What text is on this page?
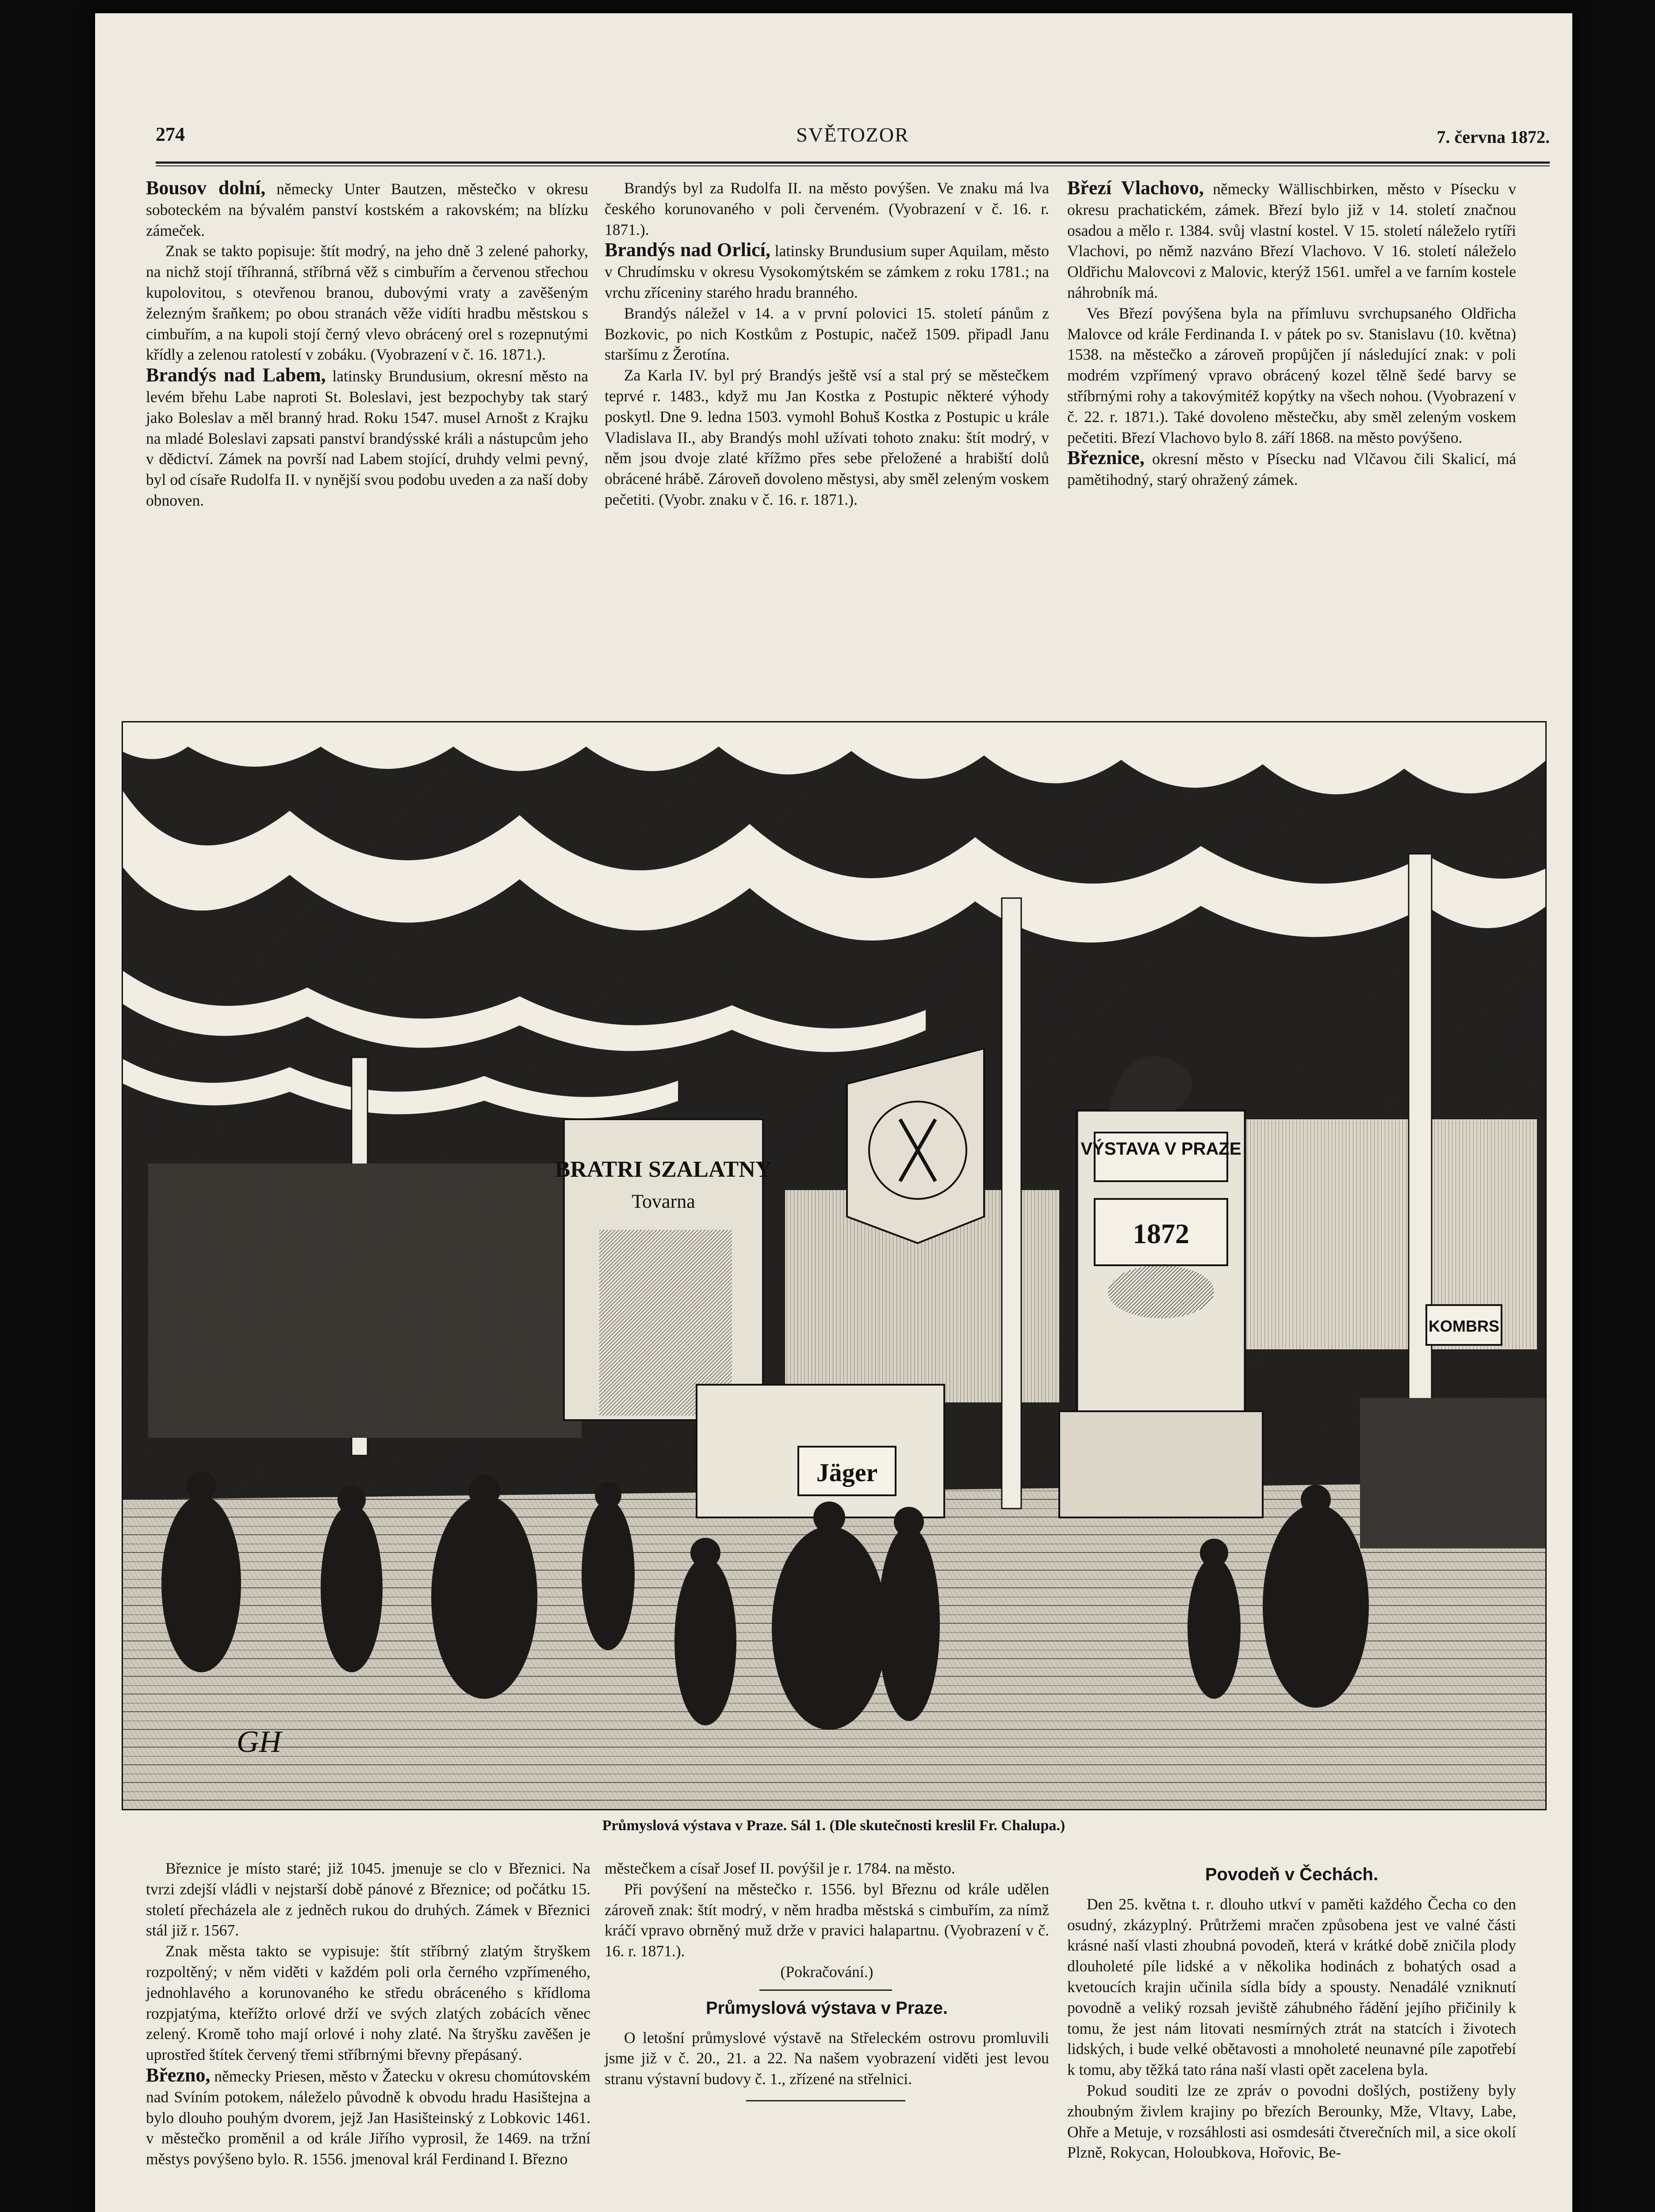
274	SVĚTOZOR	7. června 1872.

Bousov dolní, německy Unter Bautzen, městečko v okresu soboteckém na bývalém panství kostském a rakovském; na blízku zámeček.

Znak se takto popisuje: štít modrý, na jeho dně 3 zelené pahorky, na nichž stojí tříhranná, stříbrná věž s cimbuřím a červenou střechou kupolovitou, s otevřenou branou, dubovými vraty a zavěšeným železným šraňkem; po obou stranách věže vidíti hradbu městskou s cimbuřím, a na kupoli stojí černý vlevo obrácený orel s rozepnutými křídly a zelenou ratolestí v zobáku. (Vyobrazení v č. 16. 1871.).

Brandýs nad Labem, latinsky Brundusium, okresní město na levém břehu Labe naproti St. Boleslavi, jest bezpochyby tak starý jako Boleslav a měl branný hrad. Roku 1547. musel Arnošt z Krajku na mladé Boleslavi zapsati panství brandýsské králi a nástupcům jeho v dědictví. Zámek na površí nad Labem stojící, druhdy velmi pevný, byl od císaře Rudolfa II. v nynější svou podobu uveden a za naší doby obnoven.

Brandýs byl za Rudolfa II. na město povýšen. Ve znaku má lva českého korunovaného v poli červeném. (Vyobrazení v č. 16. r. 1871.).

Brandýs nad Orlicí, latinsky Brundusium super Aquilam, město v Chrudímsku v okresu Vysokomýtském se zámkem z roku 1781.; na vrchu zříceniny starého hradu branného.

Brandýs náležel v 14. a v první polovici 15. století pánům z Bozkovic, po nich Kostkům z Postupic, načež 1509. připadl Janu staršímu z Žerotína.

Za Karla IV. byl prý Brandýs ještě vsí a stal prý se městečkem teprvé r. 1483., když mu Jan Kostka z Postupic některé výhody poskytl. Dne 9. ledna 1503. vymohl Bohuš Kostka z Postupic u krále Vladislava II., aby Brandýs mohl užívati tohoto znaku: štít modrý, v něm jsou dvoje zlaté křížmo přes sebe přeložené a hrabiští dolů obrácené hrábě. Zároveň dovoleno městysi, aby směl zeleným voskem pečetiti. (Vyobr. znaku v č. 16. r. 1871.).

Březí Vlachovo, německy Wällischbirken, město v Písecku v okresu prachatickém, zámek. Březí bylo již v 14. století značnou osadou a mělo r. 1384. svůj vlastní kostel. V 15. století náleželo rytíři Vlachovi, po němž nazváno Březí Vlachovo. V 16. století náleželo Oldřichu Malovcovi z Malovic, kterýž 1561. umřel a ve farním kostele náhrobník má.

Ves Březí povýšena byla na přímluvu svrchupsaného Oldřicha Malovce od krále Ferdinanda I. v pátek po sv. Stanislavu (10. května) 1538. na městečko a zároveň propůjčen jí následující znak: v poli modrém vzpřímený vpravo obrácený kozel tělně šedé barvy se stříbrnými rohy a takovýmitéž kopýtky na všech nohou. (Vyobrazení v č. 22. r. 1871.). Také dovoleno městečku, aby směl zeleným voskem pečetiti. Březí Vlachovo bylo 8. září 1868. na město povýšeno.

Březnice, okresní město v Písecku nad Vlčavou čili Skalicí, má pamětihodný, starý ohražený zámek.

BRATRI SZALATNY
Tovarna
VÝSTAVA V PRAZE
1872
Jäger
KOMBRS
GH
Průmyslová výstava v Praze. Sál 1. (Dle skutečnosti kreslil Fr. Chalupa.)

Březnice je místo staré; již 1045. jmenuje se clo v Březnici. Na tvrzi zdejší vládli v nejstarší době pánové z Březnice; od počátku 15. století přecházela ale z jedněch rukou do druhých. Zámek v Březnici stál již r. 1567.

Znak města takto se vypisuje: štít stříbrný zlatým štryškem rozpoltěný; v něm viděti v každém poli orla černého vzpřímeného, jednohlavého a korunovaného ke středu obráceného s křídloma rozpjatýma, kteřížto orlové drží ve svých zlatých zobácích věnec zelený. Kromě toho mají orlové i nohy zlaté. Na štryšku zavěšen je uprostřed štítek červený třemi stříbrnými břevny přepásaný.

Březno, německy Priesen, město v Žatecku v okresu chomútovském nad Svíním potokem, náleželo původně k obvodu hradu Hasištejna a bylo dlouho pouhým dvorem, jejž Jan Hasišteinský z Lobkovic 1461. v městečko proměnil a od krále Jiřího vyprosil, že 1469. na tržní městys povýšeno bylo. R. 1556. jmenoval král Ferdinand I. Březno

městečkem a císař Josef II. povýšil je r. 1784. na město.

Při povýšení na městečko r. 1556. byl Březnu od krále udělen zároveň znak: štít modrý, v něm hradba městská s cimbuřím, za nímž kráčí vpravo obrněný muž drže v pravici halapartnu. (Vyobrazení v č. 16. r. 1871.).

(Pokračování.)

Průmyslová výstava v Praze.

O letošní průmyslové výstavě na Střeleckém ostrovu promluvili jsme již v č. 20., 21. a 22. Na našem vyobrazení viděti jest levou stranu výstavní budovy č. 1., zřízené na střelnici.

Povodeň v Čechách.

Den 25. května t. r. dlouho utkví v paměti každého Čecha co den osudný, zkázyplný. Průtržemi mračen způsobena jest ve valné části krásné naší vlasti zhoubná povodeň, která v krátké době zničila plody dlouholeté píle lidské a v několika hodinách z bohatých osad a kvetoucích krajin učinila sídla bídy a spousty. Nenadálé vzniknutí povodně a veliký rozsah jeviště záhubného řádění jejího přičinily k tomu, že jest nám litovati nesmírných ztrát na statcích i životech lidských, i bude velké obětavosti a mnoholeté neunavné píle zapotřebí k tomu, aby těžká tato rána naší vlasti opět zacelena byla.

Pokud souditi lze ze zpráv o povodni došlých, postiženy byly zhoubným živlem krajiny po březích Berounky, Mže, Vltavy, Labe, Ohře a Metuje, v rozsáhlosti asi osmdesáti čtverečních mil, a sice okolí Plzně, Rokycan, Holoubkova, Hořovic, Be-
